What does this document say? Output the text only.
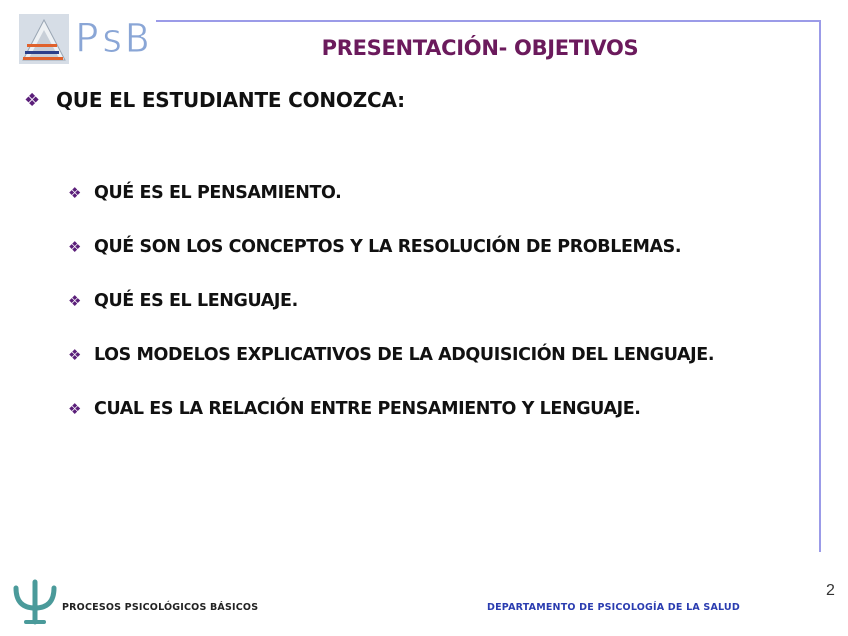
PsB	PRESENTACIÓN- OBJETIVOS
❖ QUE EL ESTUDIANTE CONOZCA:
❖ QUÉ ES EL PENSAMIENTO.
❖ QUÉ SON LOS CONCEPTOS Y LA RESOLUCIÓN DE PROBLEMAS.
❖ QUÉ ES EL LENGUAJE.
❖ LOS MODELOS EXPLICATIVOS DE LA ADQUISICIÓN DEL LENGUAJE.
❖ CUAL ES LA RELACIÓN ENTRE PENSAMIENTO Y LENGUAJE.
PROCESOS PSICOLÓGICOS BÁSICOS	DEPARTAMENTO DE PSICOLOGÍA DE LA SALUD
2
